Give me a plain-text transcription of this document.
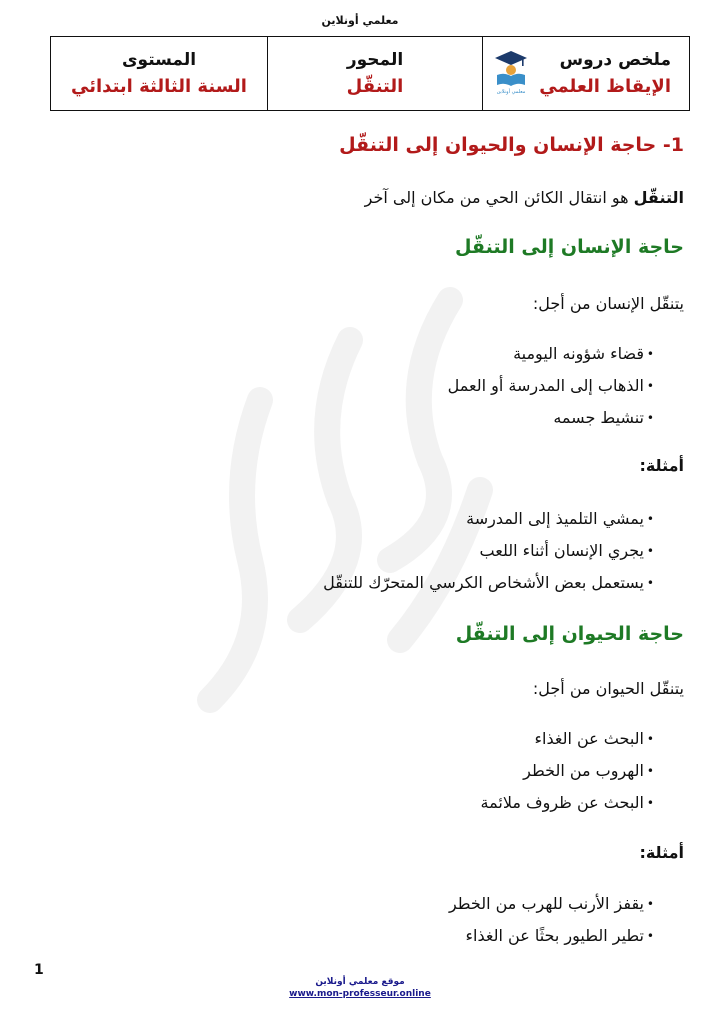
معلمي أونلاين
ملخص دروس
الإيقاظ العلمي
معلمي أونلاين

المحور
التنقّل

المستوى
السنة الثالثة ابتدائي
1- حاجة الإنسان والحيوان إلى التنقّل
التنقّل هو انتقال الكائن الحي من مكان إلى آخر
حاجة الإنسان إلى التنقّل
يتنقّل الإنسان من أجل:
• قضاء شؤونه اليومية
• الذهاب إلى المدرسة أو العمل
• تنشيط جسمه
أمثلة:
• يمشي التلميذ إلى المدرسة
• يجري الإنسان أثناء اللعب
• يستعمل بعض الأشخاص الكرسي المتحرّك للتنقّل
حاجة الحيوان إلى التنقّل
يتنقّل الحيوان من أجل:
• البحث عن الغذاء
• الهروب من الخطر
• البحث عن ظروف ملائمة
أمثلة:
• يقفز الأرنب للهرب من الخطر
• تطير الطيور بحثًا عن الغذاء
1
موقع معلمي أونلاين
www.mon-professeur.online
